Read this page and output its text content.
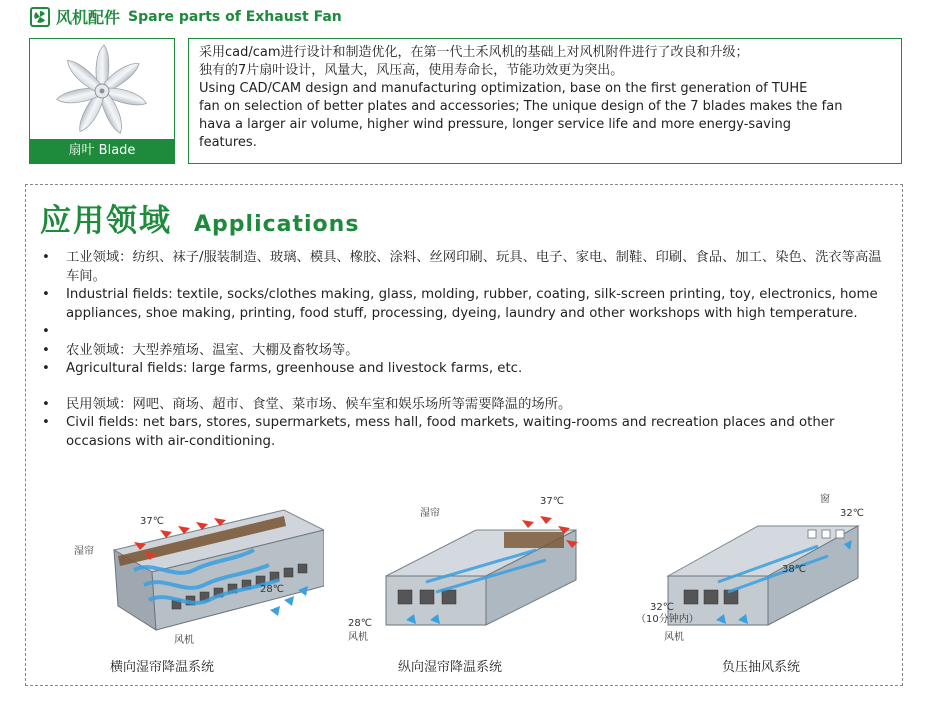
风机配件 Spare parts of Exhaust Fan
扇叶 Blade

采用cad/cam进行设计和制造优化，在第一代土禾风机的基础上对风机附件进行了改良和升级；

独有的7片扇叶设计，风量大，风压高，使用寿命长，节能功效更为突出。

Using CAD/CAM design and manufacturing optimization, base on the first generation of TUHE

fan on selection of better plates and accessories; The unique design of the 7 blades makes the fan

hava a larger air volume, higher wind pressure, longer service life and more energy-saving

features.

应用领域 Applications
• 工业领域：纺织、袜子/服装制造、玻璃、模具、橡胶、涂料、丝网印刷、玩具、电子、家电、制鞋、印刷、食品、加工、染色、洗衣等高温车间。
• Industrial fields: textile, socks/clothes making, glass, molding, rubber, coating, silk-screen printing, toy, electronics, home appliances, shoe making, printing, food stuff, processing, dyeing, laundry and other workshops with high temperature.
•
• 农业领域：大型养殖场、温室、大棚及畜牧场等。
• Agricultural fields: large farms, greenhouse and livestock farms, etc.
• 民用领域：网吧、商场、超市、食堂、菜市场、候车室和娱乐场所等需要降温的场所。
• Civil fields: net bars, stores, supermarkets, mess hall, food markets, waiting-rooms and recreation places and other occasions with air-conditioning.
37℃
湿帘
28℃
风机
横向湿帘降温系统
湿帘
37℃
28℃
风机
纵向湿帘降温系统
窗
32℃
38℃
32℃
（10分钟内）
风机
负压抽风系统
